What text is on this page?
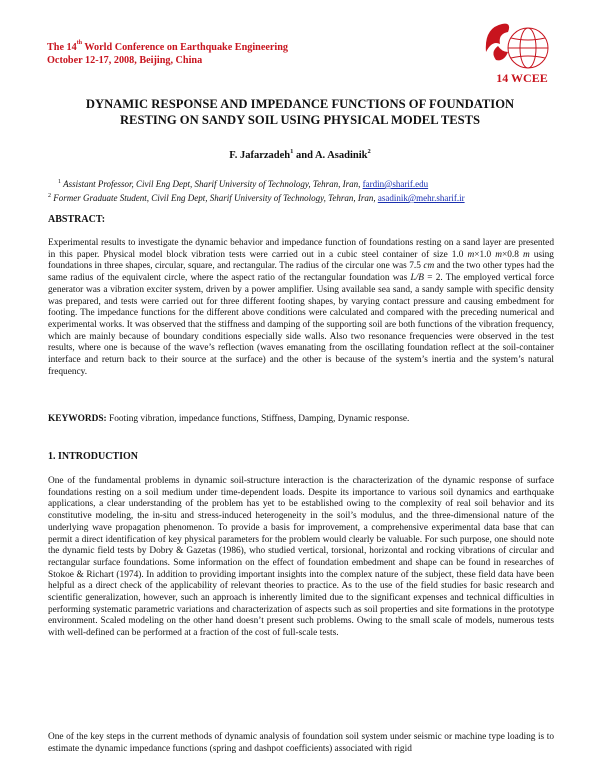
The 14th World Conference on Earthquake Engineering
October 12-17, 2008, Beijing, China
14 WCEE
DYNAMIC RESPONSE AND IMPEDANCE FUNCTIONS OF FOUNDATION
RESTING ON SANDY SOIL USING PHYSICAL MODEL TESTS
F. Jafarzadeh$^1$ and A. Asadinik$^2$
$^1$ Assistant Professor, Civil Eng Dept, Sharif University of Technology, Tehran, Iran, fardin@sharif.edu
$^2$ Former Graduate Student, Civil Eng Dept, Sharif University of Technology, Tehran, Iran, asadinik@mehr.sharif.ir
ABSTRACT:
Experimental results to investigate the dynamic behavior and impedance function of foundations resting on a sand layer are presented in this paper. Physical model block vibration tests were carried out in a cubic steel container of size 1.0 m×1.0 m×0.8 m using foundations in three shapes, circular, square, and rectangular. The radius of the circular one was 7.5 cm and the two other types had the same radius of the equivalent circle, where the aspect ratio of the rectangular foundation was L/B = 2. The employed vertical force generator was a vibration exciter system, driven by a power amplifier. Using available sea sand, a sandy sample with specific density was prepared, and tests were carried out for three different footing shapes, by varying contact pressure and causing embedment for footing. The impedance functions for the different above conditions were calculated and compared with the preceding numerical and experimental works. It was observed that the stiffness and damping of the supporting soil are both functions of the vibration frequency, which are mainly because of boundary conditions especially side walls. Also two resonance frequencies were observed in the test results, where one is because of the wave’s reflection (waves emanating from the oscillating foundation reflect at the soil-container interface and return back to their source at the surface) and the other is because of the system’s inertia and the system’s natural frequency.
KEYWORDS: Footing vibration, impedance functions, Stiffness, Damping, Dynamic response.
1. INTRODUCTION
One of the fundamental problems in dynamic soil-structure interaction is the characterization of the dynamic response of surface foundations resting on a soil medium under time-dependent loads. Despite its importance to various soil dynamics and earthquake applications, a clear understanding of the problem has yet to be established owing to the complexity of real soil behavior and its constitutive modeling, the in-situ and stress-induced heterogeneity in the soil’s modulus, and the three-dimensional nature of the underlying wave propagation phenomenon. To provide a basis for improvement, a comprehensive experimental data base that can permit a direct identification of key physical parameters for the problem would clearly be valuable. For such purpose, one should note the dynamic field tests by Dobry & Gazetas (1986), who studied vertical, torsional, horizontal and rocking vibrations of circular and rectangular surface foundations. Some information on the effect of foundation embedment and shape can be found in researches of Stokoe & Richart (1974). In addition to providing important insights into the complex nature of the subject, these field data have been helpful as a direct check of the applicability of relevant theories to practice. As to the use of the field studies for basic research and scientific generalization, however, such an approach is inherently limited due to the significant expenses and technical difficulties in performing systematic parametric variations and characterization of aspects such as soil properties and site formations in the prototype environment. Scaled modeling on the other hand doesn’t present such problems. Owing to the small scale of models, numerous tests with well-defined can be performed at a fraction of the cost of full-scale tests.
One of the key steps in the current methods of dynamic analysis of foundation soil system under seismic or machine type loading is to estimate the dynamic impedance functions (spring and dashpot coefficients) associated with rigid
